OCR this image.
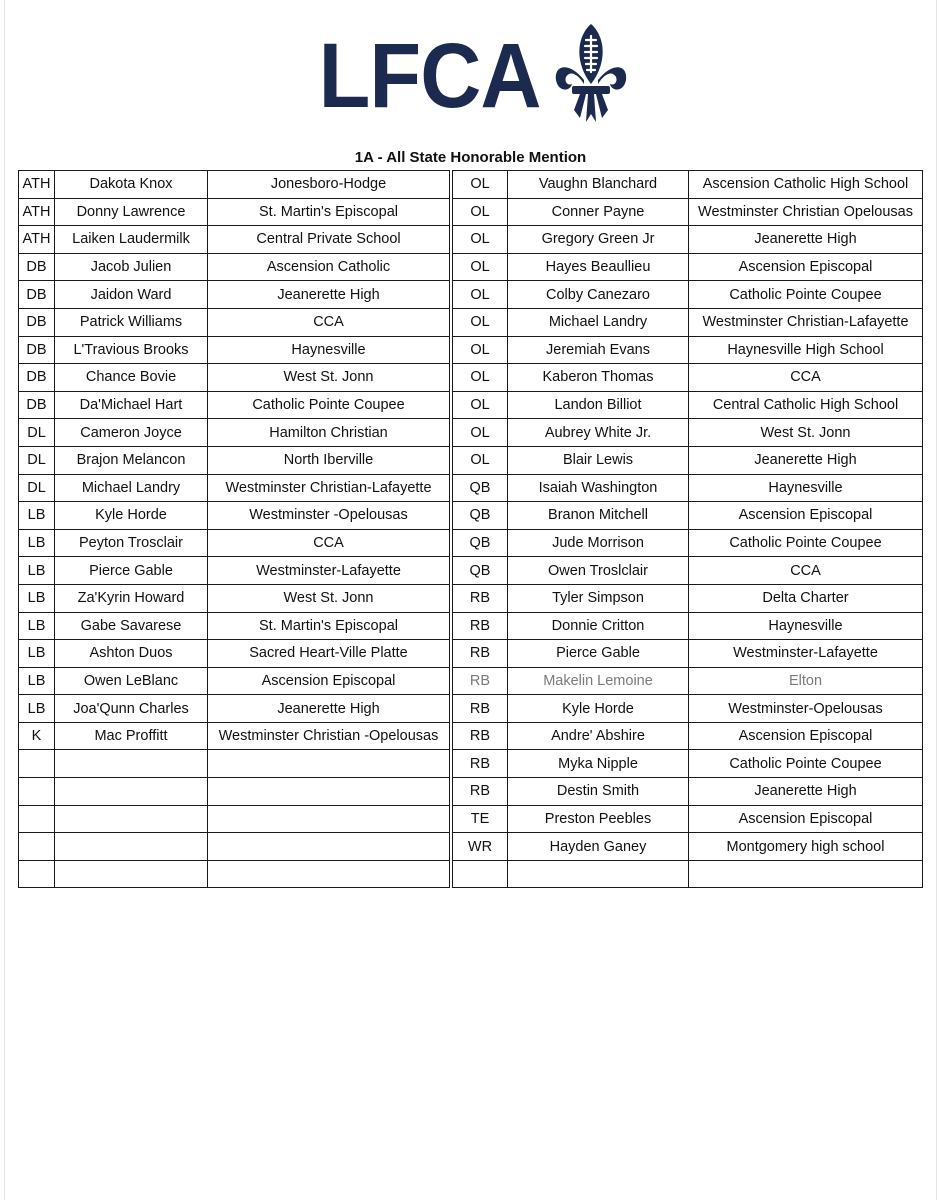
LFCA
1A - All State Honorable Mention
ATH	Dakota Knox	Jonesboro-Hodge		OL	Vaughn Blanchard	Ascension Catholic High School
ATH	Donny Lawrence	St. Martin's Episcopal		OL	Conner Payne	Westminster Christian Opelousas
ATH	Laiken Laudermilk	Central Private School		OL	Gregory Green Jr	Jeanerette High
DB	Jacob Julien	Ascension Catholic		OL	Hayes Beaullieu	Ascension Episcopal
DB	Jaidon Ward	Jeanerette High		OL	Colby Canezaro	Catholic Pointe Coupee
DB	Patrick Williams	CCA		OL	Michael Landry	Westminster Christian-Lafayette
DB	L'Travious Brooks	Haynesville		OL	Jeremiah Evans	Haynesville High School
DB	Chance Bovie	West St. Jonn		OL	Kaberon Thomas	CCA
DB	Da'Michael Hart	Catholic Pointe Coupee		OL	Landon Billiot	Central Catholic High School
DL	Cameron Joyce	Hamilton Christian		OL	Aubrey White Jr.	West St. Jonn
DL	Brajon Melancon	North Iberville		OL	Blair Lewis	Jeanerette High
DL	Michael Landry	Westminster Christian-Lafayette		QB	Isaiah Washington	Haynesville
LB	Kyle Horde	Westminster -Opelousas		QB	Branon Mitchell	Ascension Episcopal
LB	Peyton Trosclair	CCA		QB	Jude Morrison	Catholic Pointe Coupee
LB	Pierce Gable	Westminster-Lafayette		QB	Owen Troslclair	CCA
LB	Za'Kyrin Howard	West St. Jonn		RB	Tyler Simpson	Delta Charter
LB	Gabe Savarese	St. Martin's Episcopal		RB	Donnie Critton	Haynesville
LB	Ashton Duos	Sacred Heart-Ville Platte		RB	Pierce Gable	Westminster-Lafayette
LB	Owen LeBlanc	Ascension Episcopal		RB	Makelin Lemoine	Elton
LB	Joa'Qunn Charles	Jeanerette High		RB	Kyle Horde	Westminster-Opelousas
K	Mac Proffitt	Westminster Christian -Opelousas		RB	Andre' Abshire	Ascension Episcopal
				RB	Myka Nipple	Catholic Pointe Coupee
				RB	Destin Smith	Jeanerette High
				TE	Preston Peebles	Ascension Episcopal
				WR	Hayden Ganey	Montgomery high school
